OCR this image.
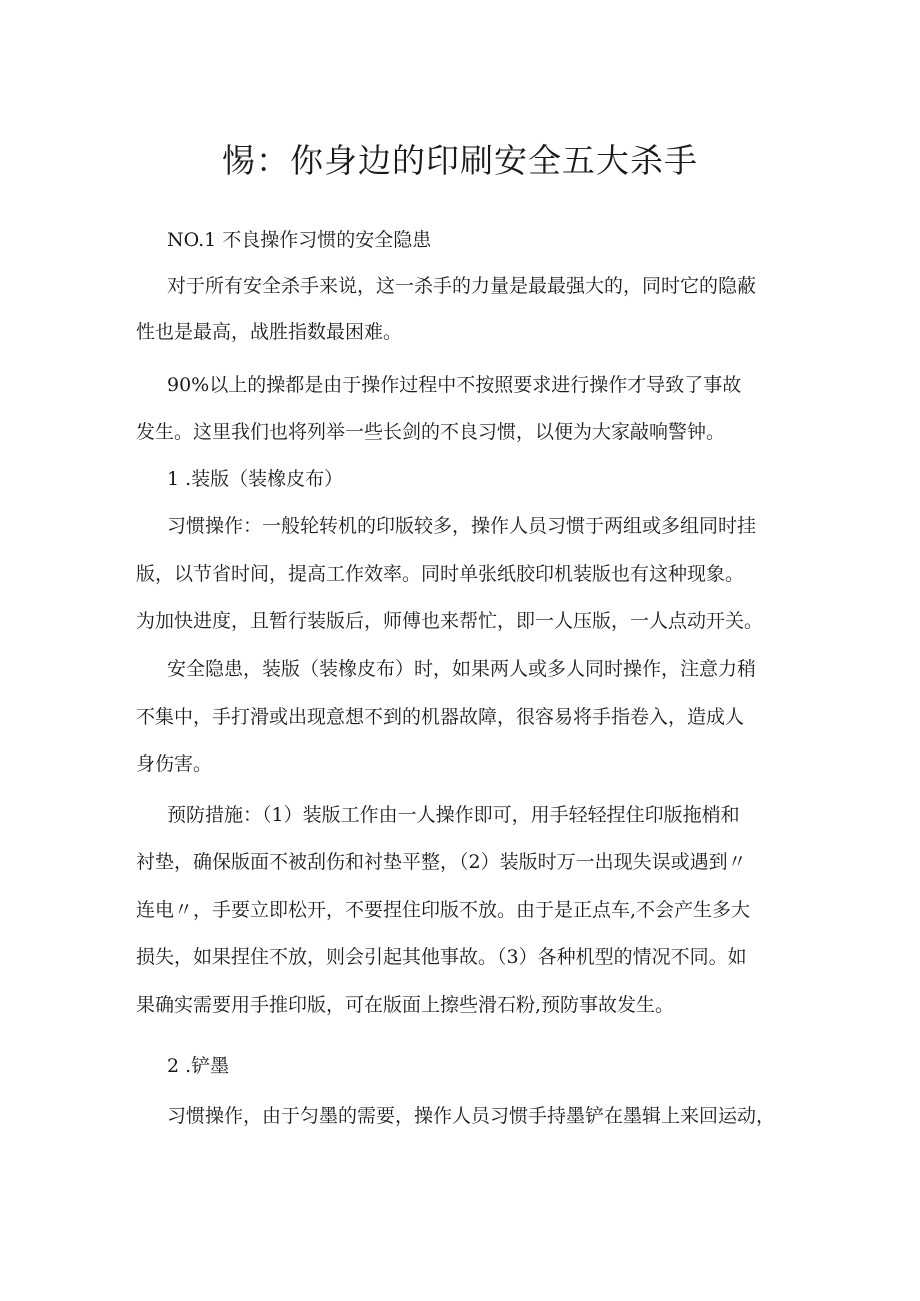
惕：你身边的印刷安全五大杀手

NO.1 不良操作习惯的安全隐患

对于所有安全杀手来说，这一杀手的力量是最最强大的，同时它的隐蔽

性也是最高，战胜指数最困难。

90%以上的操都是由于操作过程中不按照要求进行操作才导致了事故

发生。这里我们也将列举一些长剑的不良习惯，以便为大家敲响警钟。

1 .装版（装橡皮布）

习惯操作：一般轮转机的印版较多，操作人员习惯于两组或多组同时挂

版，以节省时间，提高工作效率。同时单张纸胶印机装版也有这种现象。

为加快进度，且暂行装版后，师傅也来帮忙，即一人压版，一人点动开关。

安全隐患，装版（装橡皮布）时，如果两人或多人同时操作，注意力稍

不集中，手打滑或出现意想不到的机器故障，很容易将手指卷入，造成人

身伤害。

预防措施：（1）装版工作由一人操作即可，用手轻轻捏住印版拖梢和

衬垫，确保版面不被刮伤和衬垫平整，（2）装版时万一出现失误或遇到〃

连电〃，手要立即松开，不要捏住印版不放。由于是正点车,不会产生多大

损失，如果捏住不放，则会引起其他事故。（3）各种机型的情况不同。如

果确实需要用手推印版，可在版面上擦些滑石粉,预防事故发生。

2 .铲墨

习惯操作，由于匀墨的需要，操作人员习惯手持墨铲在墨辑上来回运动，
